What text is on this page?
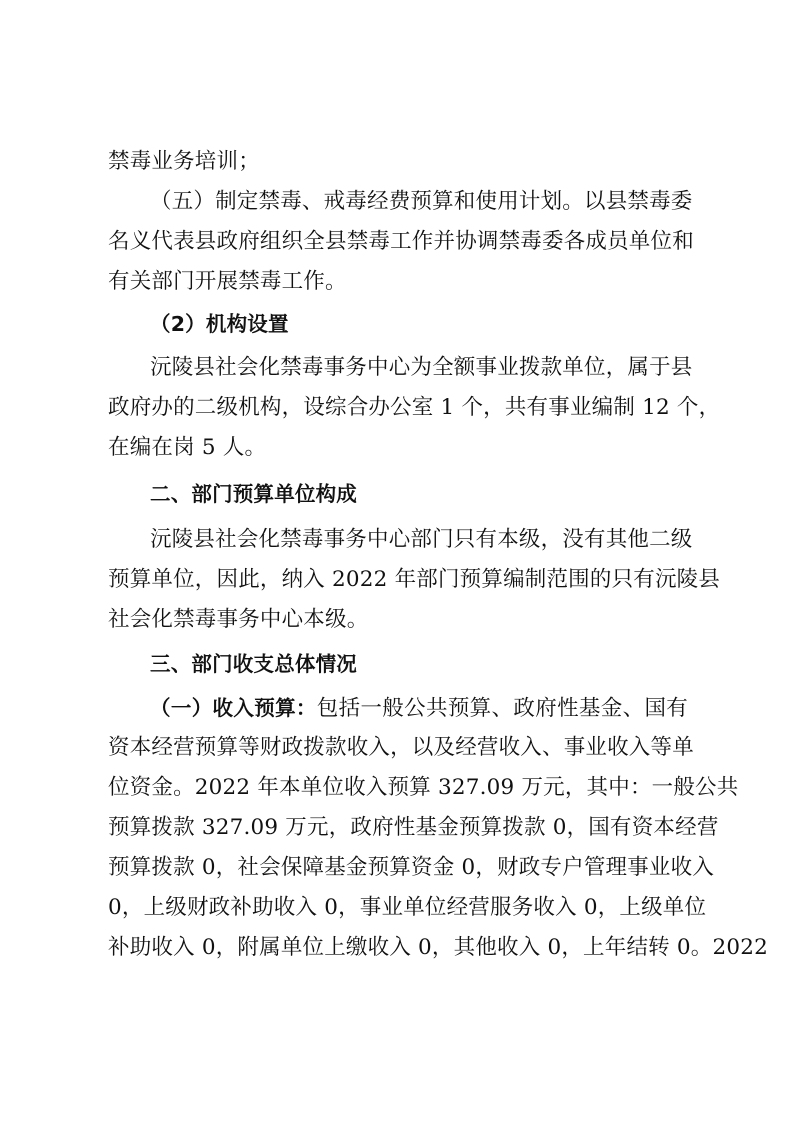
禁毒业务培训；
（五）制定禁毒、戒毒经费预算和使用计划。以县禁毒委
名义代表县政府组织全县禁毒工作并协调禁毒委各成员单位和
有关部门开展禁毒工作。
（2）机构设置
沅陵县社会化禁毒事务中心为全额事业拨款单位，属于县
政府办的二级机构，设综合办公室 1 个，共有事业编制 12 个，
在编在岗 5 人。
二、部门预算单位构成
沅陵县社会化禁毒事务中心部门只有本级，没有其他二级
预算单位，因此，纳入 2022 年部门预算编制范围的只有沅陵县
社会化禁毒事务中心本级。
三、部门收支总体情况
（一）收入预算：包括一般公共预算、政府性基金、国有
资本经营预算等财政拨款收入，以及经营收入、事业收入等单
位资金。2022 年本单位收入预算 327.09 万元，其中：一般公共
预算拨款 327.09 万元，政府性基金预算拨款 0，国有资本经营
预算拨款 0，社会保障基金预算资金 0，财政专户管理事业收入
0，上级财政补助收入 0，事业单位经营服务收入 0，上级单位
补助收入 0，附属单位上缴收入 0，其他收入 0，上年结转 0。2022
